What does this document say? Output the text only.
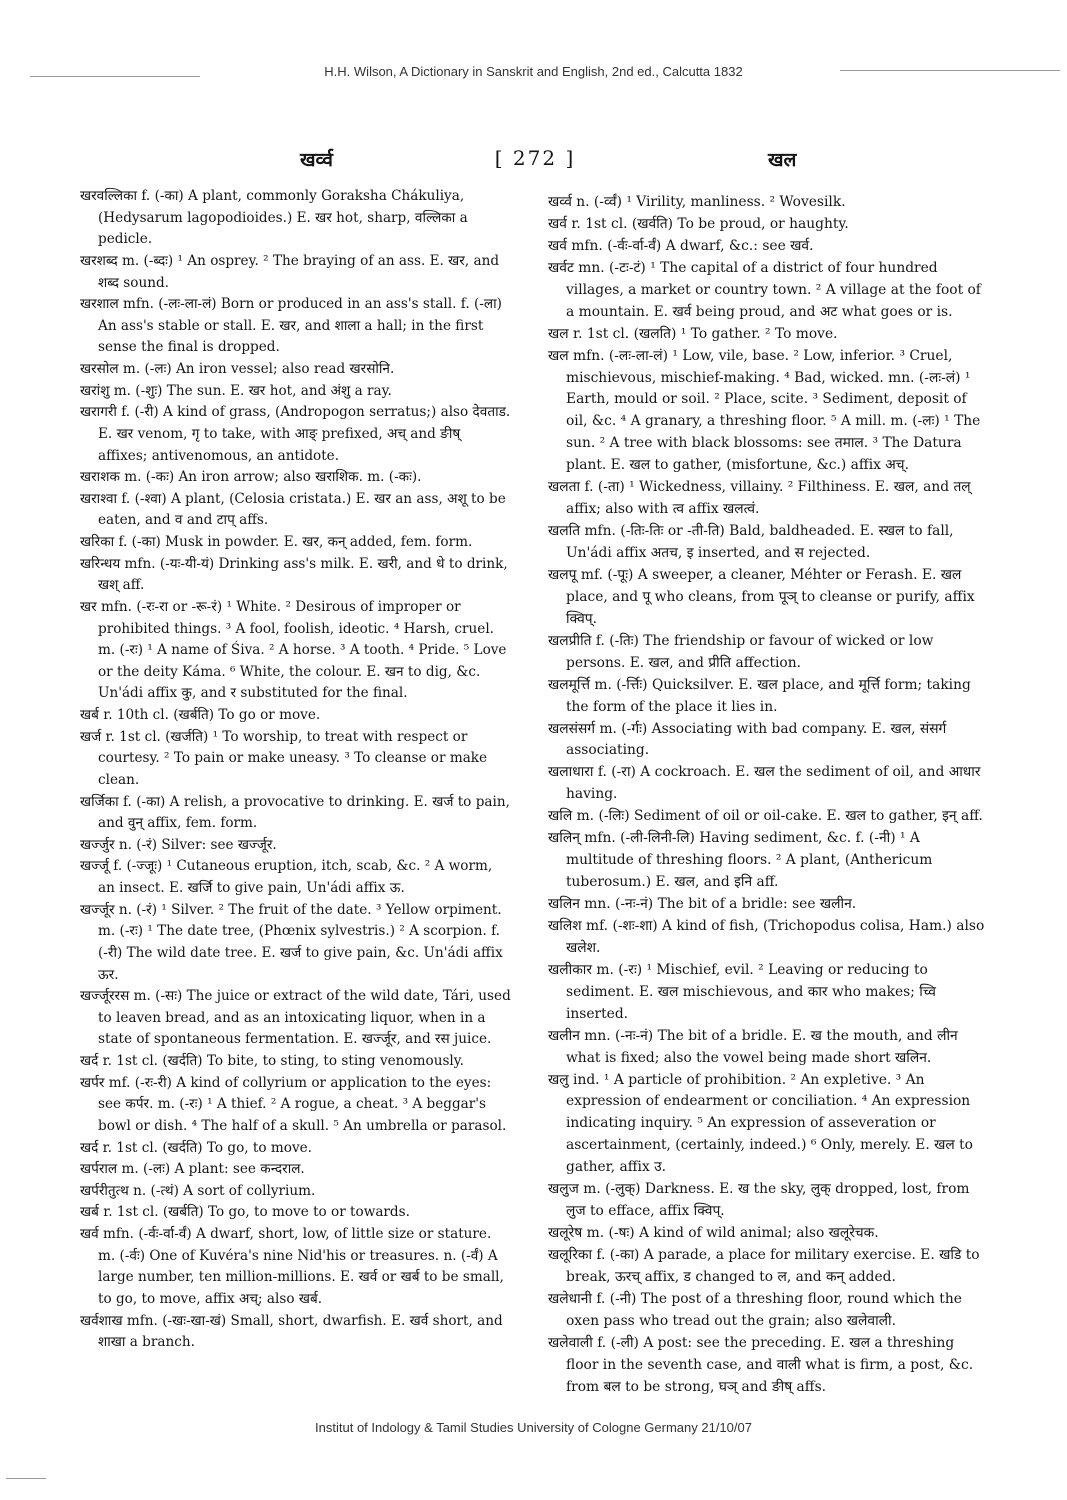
H.H. Wilson, A Dictionary in Sanskrit and English, 2nd ed., Calcutta 1832
खर्व्व	[ 272 ]	खल

खरवल्लिका f. (-का) A plant, commonly Goraksha Chákuliya, (Hedysarum lagopodioides.) E. खर hot, sharp, वल्लिका a pedicle.

खरशब्द m. (-ब्दः) ¹ An osprey. ² The braying of an ass. E. खर, and शब्द sound.

खरशाल mfn. (-लः-ला-लं) Born or produced in an ass's stall. f. (-ला) An ass's stable or stall. E. खर, and शाला a hall; in the first sense the final is dropped.

खरसोल m. (-लः) An iron vessel; also read खरसोनि.

खरांशु m. (-शुः) The sun. E. खर hot, and अंशु a ray.

खरागरी f. (-री) A kind of grass, (Andropogon serratus;) also देवताड. E. खर venom, गृ to take, with आङ् prefixed, अच् and ङीष् affixes; antivenomous, an antidote.

खराशक m. (-कः) An iron arrow; also खराशिक. m. (-कः).

खराश्वा f. (-श्वा) A plant, (Celosia cristata.) E. खर an ass, अशू to be eaten, and व and टाप् affs.

खरिका f. (-का) Musk in powder. E. खर, कन् added, fem. form.

खरिन्धय mfn. (-यः-यी-यं) Drinking ass's milk. E. खरी, and धे to drink, खश् aff.

खर mfn. (-रः-रा or -रू-रं) ¹ White. ² Desirous of improper or prohibited things. ³ A fool, foolish, ideotic. ⁴ Harsh, cruel. m. (-रः) ¹ A name of Śiva. ² A horse. ³ A tooth. ⁴ Pride. ⁵ Love or the deity Káma. ⁶ White, the colour. E. खन to dig, &c. Un'ádi affix कु, and र substituted for the final.

खर्ब r. 10th cl. (खर्बति) To go or move.

खर्ज r. 1st cl. (खर्जति) ¹ To worship, to treat with respect or courtesy. ² To pain or make uneasy. ³ To cleanse or make clean.

खर्जिका f. (-का) A relish, a provocative to drinking. E. खर्ज to pain, and वुन् affix, fem. form.

खर्ज्जुर n. (-रं) Silver: see खर्ज्जूर.

खर्ज्जू f. (-ज्जूः) ¹ Cutaneous eruption, itch, scab, &c. ² A worm, an insect. E. खर्जि to give pain, Un'ádi affix ऊ.

खर्ज्जूर n. (-रं) ¹ Silver. ² The fruit of the date. ³ Yellow orpiment. m. (-रः) ¹ The date tree, (Phœnix sylvestris.) ² A scorpion. f. (-री) The wild date tree. E. खर्ज to give pain, &c. Un'ádi affix ऊर.

खर्ज्जूररस m. (-सः) The juice or extract of the wild date, Tári, used to leaven bread, and as an intoxicating liquor, when in a state of spontaneous fermentation. E. खर्ज्जूर, and रस juice.

खर्द r. 1st cl. (खर्दति) To bite, to sting, to sting venomously.

खर्पर mf. (-रः-री) A kind of collyrium or application to the eyes: see कर्पर. m. (-रः) ¹ A thief. ² A rogue, a cheat. ³ A beggar's bowl or dish. ⁴ The half of a skull. ⁵ An umbrella or parasol.

खर्द r. 1st cl. (खर्दति) To go, to move.

खर्पराल m. (-लः) A plant: see कन्दराल.

खर्परीतुत्थ n. (-त्थं) A sort of collyrium.

खर्ब r. 1st cl. (खर्बति) To go, to move to or towards.

खर्व mfn. (-र्वः-र्वा-र्वं) A dwarf, short, low, of little size or stature. m. (-र्वः) One of Kuvéra's nine Nid'his or treasures. n. (-र्वं) A large number, ten million-millions. E. खर्व or खर्ब to be small, to go, to move, affix अच्; also खर्ब.

खर्वशाख mfn. (-खः-खा-खं) Small, short, dwarfish. E. खर्व short, and शाखा a branch.

खर्व्व n. (-र्व्वं) ¹ Virility, manliness. ² Wovesilk.

खर्व r. 1st cl. (खर्वति) To be proud, or haughty.

खर्व mfn. (-र्वः-र्वा-र्वं) A dwarf, &c.: see खर्व.

खर्वट mn. (-टः-टं) ¹ The capital of a district of four hundred villages, a market or country town. ² A village at the foot of a mountain. E. खर्व being proud, and अट what goes or is.

खल r. 1st cl. (खलति) ¹ To gather. ² To move.

खल mfn. (-लः-ला-लं) ¹ Low, vile, base. ² Low, inferior. ³ Cruel, mischievous, mischief-making. ⁴ Bad, wicked. mn. (-लः-लं) ¹ Earth, mould or soil. ² Place, scite. ³ Sediment, deposit of oil, &c. ⁴ A granary, a threshing floor. ⁵ A mill. m. (-लः) ¹ The sun. ² A tree with black blossoms: see तमाल. ³ The Datura plant. E. खल to gather, (misfortune, &c.) affix अच्.

खलता f. (-ता) ¹ Wickedness, villainy. ² Filthiness. E. खल, and तल् affix; also with त्व affix खलत्वं.

खलति mfn. (-तिः-तिः or -ती-ति) Bald, baldheaded. E. स्खल to fall, Un'ádi affix अतच, इ inserted, and स rejected.

खलपू mf. (-पूः) A sweeper, a cleaner, Méhter or Ferash. E. खल place, and पू who cleans, from पूञ् to cleanse or purify, affix क्विप्.

खलप्रीति f. (-तिः) The friendship or favour of wicked or low persons. E. खल, and प्रीति affection.

खलमूर्त्ति m. (-र्त्तिः) Quicksilver. E. खल place, and मूर्त्ति form; taking the form of the place it lies in.

खलसंसर्ग m. (-र्गः) Associating with bad company. E. खल, संसर्ग associating.

खलाधारा f. (-रा) A cockroach. E. खल the sediment of oil, and आधार having.

खलि m. (-लिः) Sediment of oil or oil-cake. E. खल to gather, इन् aff.

खलिन् mfn. (-ली-लिनी-लि) Having sediment, &c. f. (-नी) ¹ A multitude of threshing floors. ² A plant, (Anthericum tuberosum.) E. खल, and इनि aff.

खलिन mn. (-नः-नं) The bit of a bridle: see खलीन.

खलिश mf. (-शः-शा) A kind of fish, (Trichopodus colisa, Ham.) also खलेश.

खलीकार m. (-रः) ¹ Mischief, evil. ² Leaving or reducing to sediment. E. खल mischievous, and कार who makes; च्वि inserted.

खलीन mn. (-नः-नं) The bit of a bridle. E. ख the mouth, and लीन what is fixed; also the vowel being made short खलिन.

खलु ind. ¹ A particle of prohibition. ² An expletive. ³ An expression of endearment or conciliation. ⁴ An expression indicating inquiry. ⁵ An expression of asseveration or ascertainment, (certainly, indeed.) ⁶ Only, merely. E. खल to gather, affix उ.

खलुज m. (-लुक्) Darkness. E. ख the sky, लुक् dropped, lost, from लुज to efface, affix क्विप्.

खलूरेष m. (-षः) A kind of wild animal; also खलूरेचक.

खलूरिका f. (-का) A parade, a place for military exercise. E. खडि to break, ऊरच् affix, ड changed to ल, and कन् added.

खलेधानी f. (-नी) The post of a threshing floor, round which the oxen pass who tread out the grain; also खलेवाली.

खलेवाली f. (-ली) A post: see the preceding. E. खल a threshing floor in the seventh case, and वाली what is firm, a post, &c. from बल to be strong, घञ् and ङीष् affs.

Institut of Indology & Tamil Studies University of Cologne Germany 21/10/07
